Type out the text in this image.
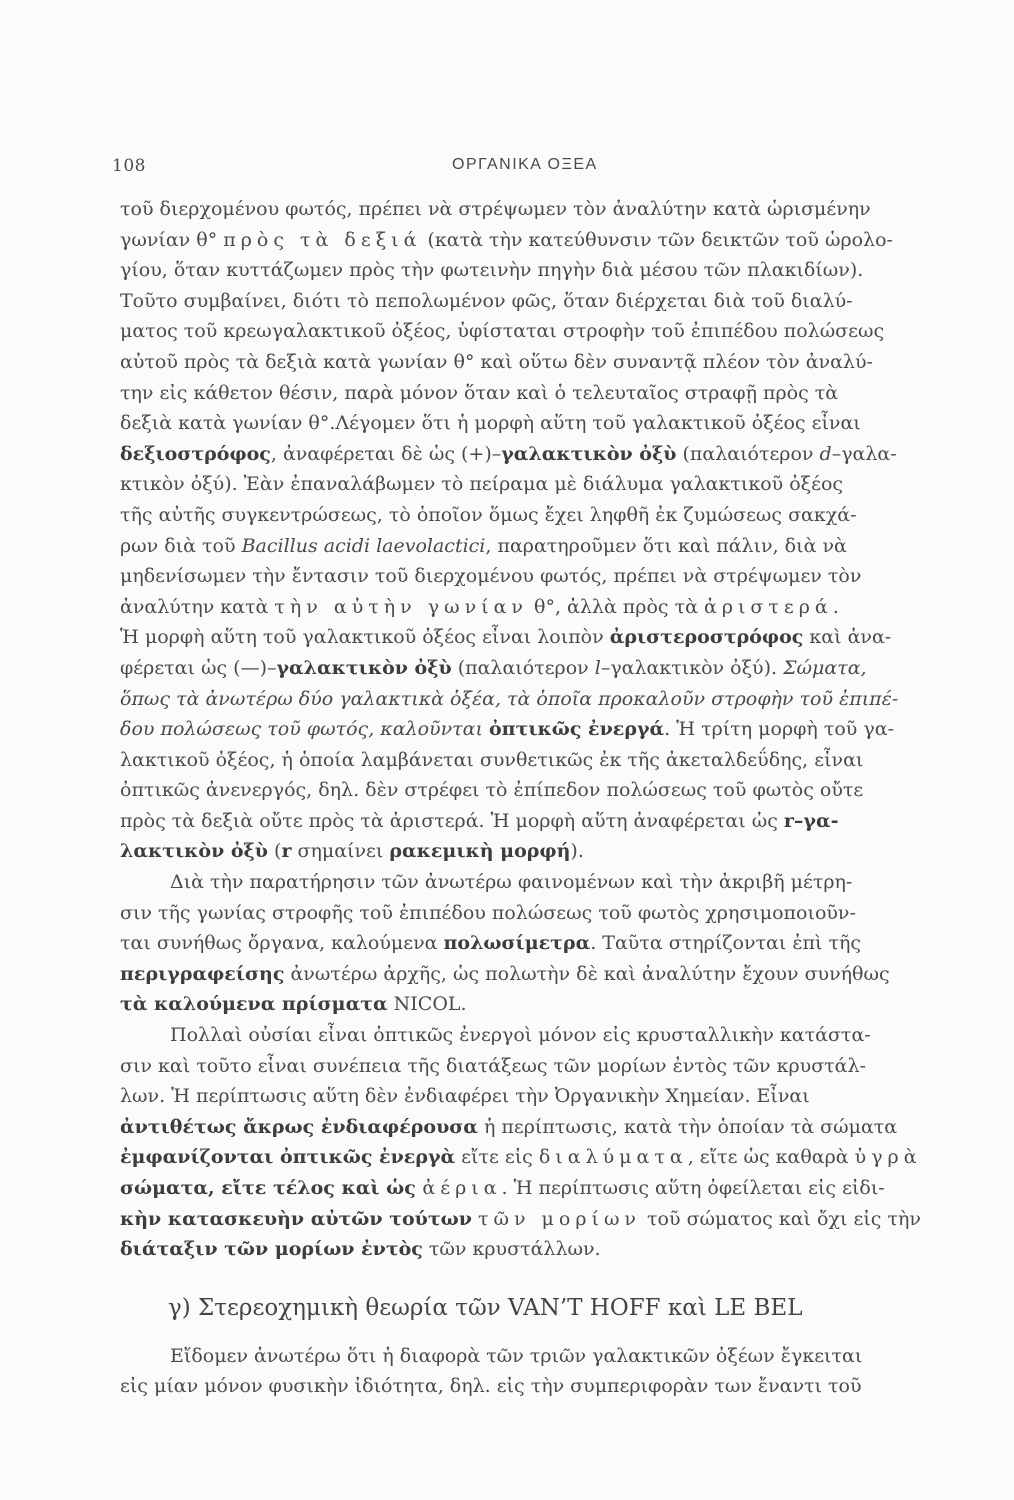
108	ΟΡΓΑΝΙΚΑ ΟΞΕΑ
τοῦ διερχομένου φωτός, πρέπει νὰ στρέψωμεν τὸν ἀναλύτην κατὰ ὡρισμένην
γωνίαν θ° πρὸς τὰ δεξιά (κατὰ τὴν κατεύθυνσιν τῶν δεικτῶν τοῦ ὡρολο-
γίου, ὅταν κυττάζωμεν πρὸς τὴν φωτεινὴν πηγὴν διὰ μέσου τῶν πλακιδίων).
Τοῦτο συμβαίνει, διότι τὸ πεπολωμένον φῶς, ὅταν διέρχεται διὰ τοῦ διαλύ-
ματος τοῦ κρεωγαλακτικοῦ ὀξέος, ὑφίσταται στροφὴν τοῦ ἐπιπέδου πολώσεως
αὐτοῦ πρὸς τὰ δεξιὰ κατὰ γωνίαν θ° καὶ οὕτω δὲν συναντᾷ πλέον τὸν ἀναλύ-
την εἰς κάθετον θέσιν, παρὰ μόνον ὅταν καὶ ὁ τελευταῖος στραφῇ πρὸς τὰ
δεξιὰ κατὰ γωνίαν θ°.Λέγομεν ὅτι ἡ μορφὴ αὕτη τοῦ γαλακτικοῦ ὀξέος εἶναι
δεξιοστρόφος, ἀναφέρεται δὲ ὡς (+)–γαλακτικὸν ὀξὺ (παλαιότερον d–γαλα-
κτικὸν ὀξύ). Ἐὰν ἐπαναλάβωμεν τὸ πείραμα μὲ διάλυμα γαλακτικοῦ ὀξέος
τῆς αὐτῆς συγκεντρώσεως, τὸ ὁποῖον ὅμως ἔχει ληφθῆ ἐκ ζυμώσεως σακχά-
ρων διὰ τοῦ Bacillus acidi laevolactici, παρατηροῦμεν ὅτι καὶ πάλιν, διὰ νὰ
μηδενίσωμεν τὴν ἔντασιν τοῦ διερχομένου φωτός, πρέπει νὰ στρέψωμεν τὸν
ἀναλύτην κατὰ τὴν αὐτὴν γωνίαν θ°, ἀλλὰ πρὸς τὰ ἀριστερά.
Ἡ μορφὴ αὕτη τοῦ γαλακτικοῦ ὀξέος εἶναι λοιπὸν ἀριστεροστρόφος καὶ ἀνα-
φέρεται ὡς (—)–γαλακτικὸν ὀξὺ (παλαιότερον l–γαλακτικὸν ὀξύ). Σώματα,
ὅπως τὰ ἀνωτέρω δύο γαλακτικὰ ὀξέα, τὰ ὁποῖα προκαλοῦν στροφὴν τοῦ ἐπιπέ-
δου πολώσεως τοῦ φωτός, καλοῦνται ὀπτικῶς ἐνεργά. Ἡ τρίτη μορφὴ τοῦ γα-
λακτικοῦ ὀξέος, ἡ ὁποία λαμβάνεται συνθετικῶς ἐκ τῆς ἀκεταλδεΰδης, εἶναι
ὀπτικῶς ἀνενεργός, δηλ. δὲν στρέφει τὸ ἐπίπεδον πολώσεως τοῦ φωτὸς οὔτε
πρὸς τὰ δεξιὰ οὔτε πρὸς τὰ ἀριστερά. Ἡ μορφὴ αὕτη ἀναφέρεται ὡς r–γα-
λακτικὸν ὀξὺ (r σημαίνει ρακεμικὴ μορφή).
Διὰ τὴν παρατήρησιν τῶν ἀνωτέρω φαινομένων καὶ τὴν ἀκριβῆ μέτρη-
σιν τῆς γωνίας στροφῆς τοῦ ἐπιπέδου πολώσεως τοῦ φωτὸς χρησιμοποιοῦν-
ται συνήθως ὄργανα, καλούμενα πολωσίμετρα. Ταῦτα στηρίζονται ἐπὶ τῆς
περιγραφείσης ἀνωτέρω ἀρχῆς, ὡς πολωτὴν δὲ καὶ ἀναλύτην ἔχουν συνήθως
τὰ καλούμενα πρίσματα NICOL.
Πολλαὶ οὐσίαι εἶναι ὀπτικῶς ἐνεργοὶ μόνον εἰς κρυσταλλικὴν κατάστα-
σιν καὶ τοῦτο εἶναι συνέπεια τῆς διατάξεως τῶν μορίων ἐντὸς τῶν κρυστάλ-
λων. Ἡ περίπτωσις αὕτη δὲν ἐνδιαφέρει τὴν Ὀργανικὴν Χημείαν. Εἶναι
ἀντιθέτως ἄκρως ἐνδιαφέρουσα ἡ περίπτωσις, κατὰ τὴν ὁποίαν τὰ σώματα
ἐμφανίζονται ὀπτικῶς ἐνεργὰ εἴτε εἰς διαλύματα, εἴτε ὡς καθαρὰ ὑγρὰ
σώματα, εἴτε τέλος καὶ ὡς ἀέρια. Ἡ περίπτωσις αὕτη ὀφείλεται εἰς εἰδι-
κὴν κατασκευὴν αὐτῶν τούτων τῶν μορίων τοῦ σώματος καὶ ὄχι εἰς τὴν
διάταξιν τῶν μορίων ἐντὸς τῶν κρυστάλλων.
γ) Στερεοχημικὴ θεωρία τῶν VAN’T HOFF καὶ LE BEL
Εἴδομεν ἀνωτέρω ὅτι ἡ διαφορὰ τῶν τριῶν γαλακτικῶν ὀξέων ἔγκειται
εἰς μίαν μόνον φυσικὴν ἰδιότητα, δηλ. εἰς τὴν συμπεριφορὰν των ἔναντι τοῦ
